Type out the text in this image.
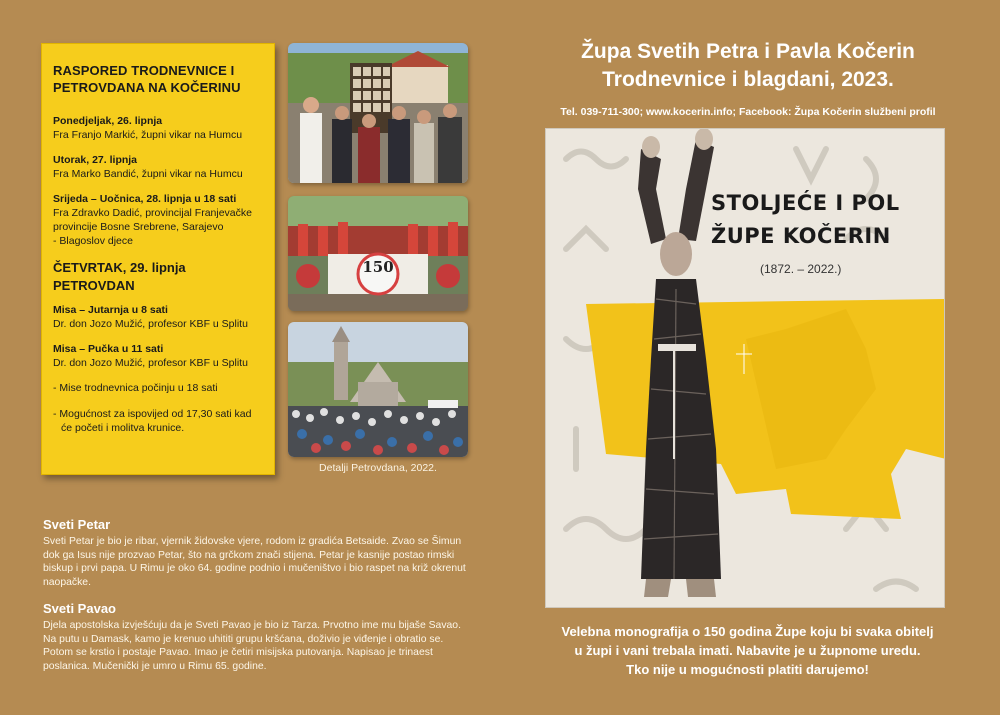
RASPORED TRODNEVNICE I PETROVDANA NA KOČERINU
Ponedjeljak, 26. lipnja
Fra Franjo Markić, župni vikar na Humcu
Utorak, 27. lipnja
Fra Marko Bandić, župni vikar na Humcu
Srijeda – Uočnica, 28. lipnja u 18 sati
Fra Zdravko Dadić, provincijal Franjevačke provincije Bosne Srebrene, Sarajevo
- Blagoslov djece
ČETVRTAK, 29. lipnja
PETROVDAN
Misa – Jutarnja u 8 sati
Dr. don Jozo Mužić, profesor KBF u Splitu
Misa – Pučka u 11 sati
Dr. don Jozo Mužić, profesor KBF u Splitu
- Mise trodnevnica počinju u 18 sati
- Mogućnost za ispovijed od 17,30 sati kad će početi i molitva krunice.
150
Detalji Petrovdana, 2022.
Sveti Petar

Sveti Petar je bio je ribar, vjernik židovske vjere, rodom iz gradića Betsaide. Zvao se Šimun dok ga Isus nije prozvao Petar, što na grčkom znači stijena. Petar je kasnije postao rimski biskup i prvi papa. U Rimu je oko 64. godine podnio i mučeništvo i bio raspet na križ okrenut naopačke.

Sveti Pavao

Djela apostolska izvješćuju da je Sveti Pavao je bio iz Tarza. Prvotno ime mu bijaše Savao. Na putu u Damask, kamo je krenuo uhititi grupu kršćana, doživio je viđenje i obratio se. Potom se krstio i postaje Pavao. Imao je četiri misijska putovanja. Napisao je trinaest poslanica. Mučenički je umro u Rimu 65. godine.

Župa Svetih Petra i Pavla Kočerin
Trodnevnice i blagdani, 2023.
Tel. 039-711-300; www.kocerin.info; Facebook: Župa Kočerin službeni profil
STOLJEĆE I POL
ŽUPE KOČERIN
(1872. – 2022.)
Velebna monografija o 150 godina Župe koju bi svaka obitelj
u župi i vani trebala imati. Nabavite je u župnome uredu.
Tko nije u mogućnosti platiti darujemo!
